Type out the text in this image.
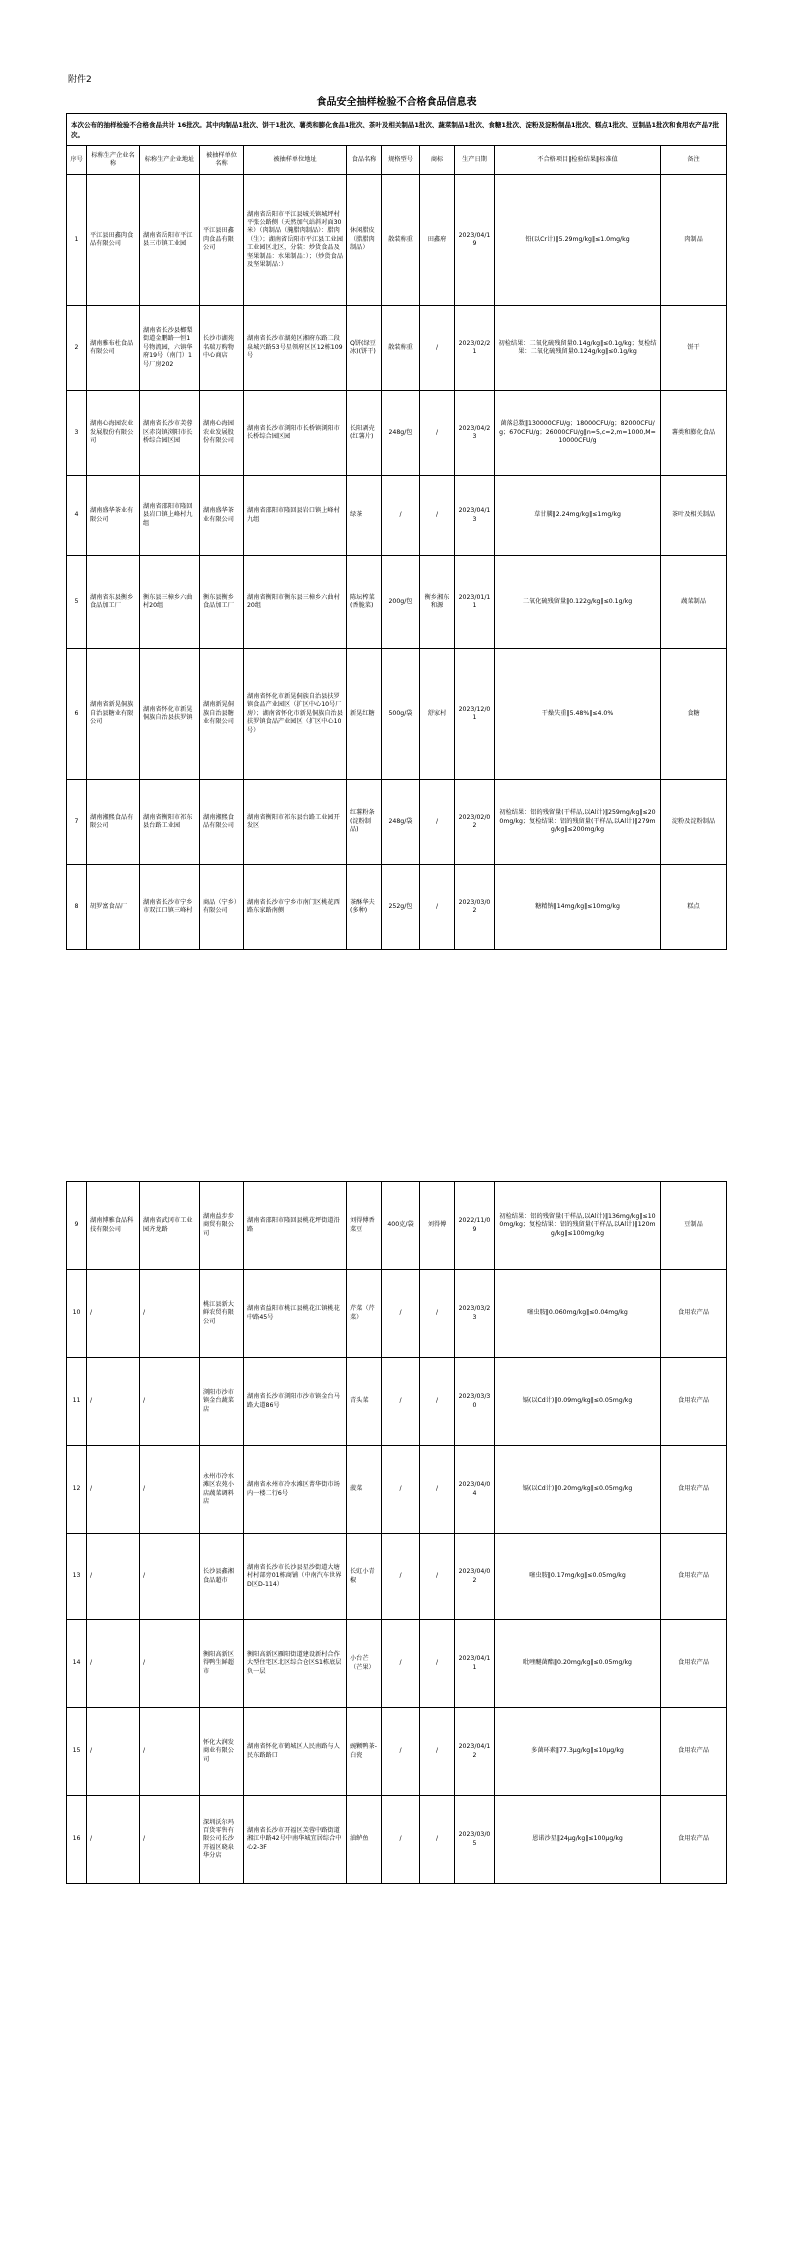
附件2
食品安全抽样检验不合格食品信息表
本次公布的抽样检验不合格食品共计 16批次。其中肉制品1批次、饼干1批次、薯类和膨化食品1批次、茶叶及相关制品1批次、蔬菜制品1批次、食糖1批次、淀粉及淀粉制品1批次、糕点1批次、豆制品1批次和食用农产品7批次。										
序号	标称生产企业名称	标称生产企业地址	被抽样单位名称	被抽样单位地址	食品名称	规格型号	商标	生产日期	不合格项目‖检验结果‖标准值	备注
1	平江县田鑫肉食品有限公司	湖南省岳阳市平江县三市镇工业园	平江县田鑫肉食品有限公司	湖南省岳阳市平江县城关镇城坪村平张公路侧（天然加气站斜对面30米）（肉制品（腌腊肉制品）：腊肉（生）；湖南省岳阳市平江县工业园工业园区北区，分装：炒货食品及坚果制品：水果制品：）；（炒货食品及坚果制品：）	休闲腊皮（腊腊肉制品）	散装称重	田鑫府	2023/04/19	铅(以Cr计)‖5.29mg/kg‖≤1.0mg/kg	肉制品
2	湖南雅布杜食品有限公司	湖南省长沙县榔梨街道金鹏路一恒1号物流园，六镇华府19号（南门）1号厂房202	长沙市湖苑名瑞万购物中心商店	湖南省长沙市湖苑区湘府东路二段泉城兴路53号星领府区区12栋109号	Q饼(绿豆冰)(饼干)	散装称重	/	2023/02/21	初检结果：二氧化硫残留量0.14g/kg‖≤0.1g/kg；复检结果：二氧化硫残留量0.124g/kg‖≤0.1g/kg	饼干
3	湖南心海园农业发展股份有限公司	湖南省长沙市芙蓉区赤岗镇浏阳市长桥综合园区园	湖南心海园农业发展股份有限公司	湖南省长沙市浏阳市长桥镇浏阳市长桥综合园区园	长阳剥壳(红薯片)	248g/包	/	2023/04/23	菌落总数‖130000CFU/g；18000CFU/g；82000CFU/g；670CFU/g；26000CFU/g‖n=5,c=2,m=1000,M=10000CFU/g	薯类和膨化食品
4	湖南盛华茶业有限公司	湖南省邵阳市隆回县岩口镇上峰村九组	湖南盛华茶业有限公司	湖南省邵阳市隆回县岩口镇上峰村九组	绿茶	/	/	2023/04/13	草甘膦‖2.24mg/kg‖≤1mg/kg	茶叶及相关制品
5	湖南省东县衡乡食品加工厂	衡东县三樟乡六曲村20组	衡东县衡乡食品加工厂	湖南省衡阳市衡东县三樟乡六曲村20组	陈坛榨菜(香脆菜)	200g/包	衡乡湘东和源	2023/01/11	二氧化硫残留量‖0.122g/kg‖≤0.1g/kg	蔬菜制品
6	湖南省新晃侗族自治县糖业有限公司	湖南省怀化市新晃侗族自治县扶罗镇	湖南新晃侗族自治县糖业有限公司	湖南省怀化市新晃侗族自治县扶罗镇食品产业园区（扩区中心10号厂房）；湖南省怀化市新晃侗族自治县扶罗镇食品产业园区（扩区中心10号）	新晃红糖	500g/袋	舒家村	2023/12/01	干燥失重‖5.48%‖≤4.0%	食糖
7	湖南湘熙食品有限公司	湖南省衡阳市祁东县台路工业园	湖南湘熙食品有限公司	湖南省衡阳市祁东县台路工业园开发区	红薯粉条(淀粉制品)	248g/袋	/	2023/02/02	初检结果：铝的残留量(干样品,以Al计)‖259mg/kg‖≤200mg/kg；复检结果：铝的残留量(干样品,以Al计)‖279mg/kg‖≤200mg/kg	淀粉及淀粉制品
8	胡罗富食品厂	湖南省长沙市宁乡市双江口镇三峰村	商品（宁乡）有限公司	湖南省长沙市宁乡市南门区桃花西路东家路南侧	茶酥华夫(多种)	252g/包	/	2023/03/02	糖精钠‖14mg/kg‖≤10mg/kg	糕点
9	湖南博雅食品科技有限公司	湖南省武冈市工业园齐龙路	湖南益步步商贸有限公司	湖南省邵阳市隆回县桃花坪街道沿路	刘得傅香菜豆	400克/袋	刘得傅	2022/11/09	初检结果：铝的残留量(干样品,以Al计)‖136mg/kg‖≤100mg/kg；复检结果：铝的残留量(干样品,以Al计)‖120mg/kg‖≤100mg/kg	豆制品
10	/	/	桃江县新大鲜农贸有限公司	湖南省益阳市桃江县桃花江镇桃花中路45号	芹菜（芹菜）	/	/	2023/03/23	噻虫胺‖0.060mg/kg‖≤0.04mg/kg	食用农产品
11	/	/	浏阳市沙市镇金台蔬菜店	湖南省长沙市浏阳市沙市镇金台马路大道86号	青头菜	/	/	2023/03/30	镉(以Cd计)‖0.09mg/kg‖≤0.05mg/kg	食用农产品
12	/	/	永州市冷水滩区农苑小店蔬菜调料店	湖南省永州市冷水滩区菁华街市场内一楼二行6号	菠菜	/	/	2023/04/04	镉(以Cd计)‖0.20mg/kg‖≤0.05mg/kg	食用农产品
13	/	/	长沙县鑫湘食品超市	湖南省长沙市长沙县星沙街道大塘村村部旁01栋商铺（中南汽车世界D区D-114）	长豇小青椒	/	/	2023/04/02	噻虫胺‖0.17mg/kg‖≤0.05mg/kg	食用农产品
14	/	/	衡阳高新区得鸭生鲜超市	衡阳高新区雁阳街道建设新村合作大型住宅区北区综合仓区S1栋底层负一层	小台芒（芒果）	/	/	2023/04/11	吡唑醚菌酯‖0.20mg/kg‖≤0.05mg/kg	食用农产品
15	/	/	怀化大润发商业有限公司	湖南省怀化市鹤城区人民南路与人民东路路口	豌颗鸭茶-白瓷	/	/	2023/04/12	多菌环素‖77.3μg/kg‖≤10μg/kg	食用农产品
16	/	/	深圳沃尔玛百货零售有限公司长沙开福区晓泉华分店	湖南省长沙市开福区芙蓉中路街道湘江中路42号中南华城宜居综合中心2-3F	油鲈鱼	/	/	2023/03/05	恩诺沙星‖24μg/kg‖≤100μg/kg	食用农产品
